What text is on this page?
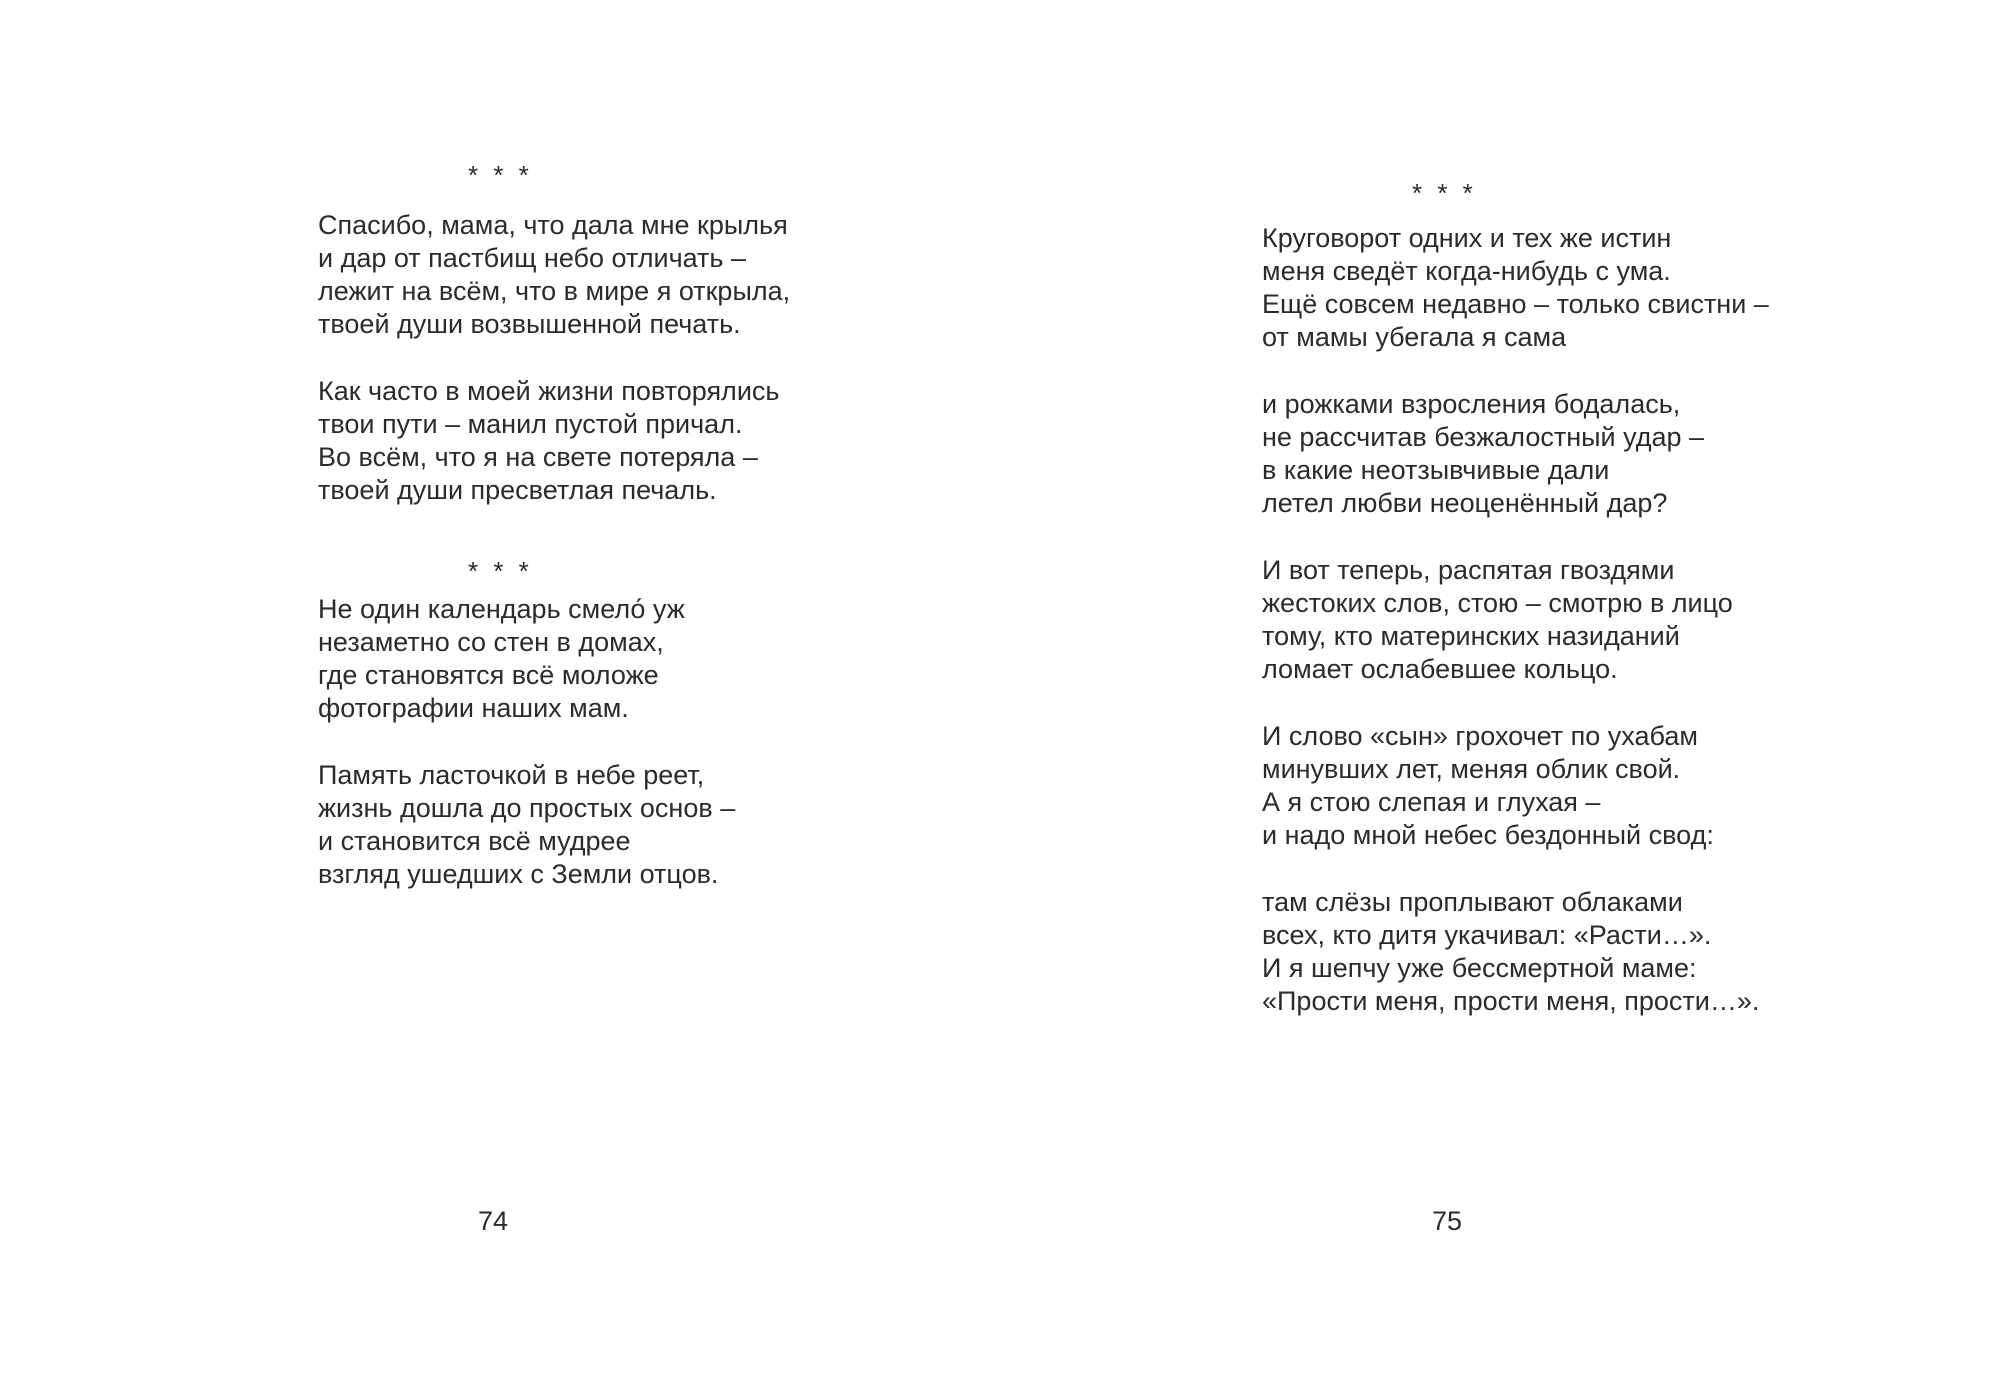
* * *
Спасибо, мама, что дала мне крылья
и дар от пастбищ небо отличать –
лежит на всём, что в мире я открыла,
твоей души возвышенной печать.
Как часто в моей жизни повторялись
твои пути – манил пустой причал.
Во всём, что я на свете потеряла –
твоей души пресветлая печаль.
* * *
Не один календарь смело́ уж
незаметно со стен в домах,
где становятся всё моложе
фотографии наших мам.
Память ласточкой в небе реет,
жизнь дошла до простых основ –
и становится всё мудрее
взгляд ушедших с Земли отцов.
74
* * *
Круговорот одних и тех же истин
меня сведёт когда-нибудь с ума.
Ещё совсем недавно – только свистни –
от мамы убегала я сама
и рожками взросления бодалась,
не рассчитав безжалостный удар –
в какие неотзывчивые дали
летел любви неоценённый дар?
И вот теперь, распятая гвоздями
жестоких слов, стою – смотрю в лицо
тому, кто материнских назиданий
ломает ослабевшее кольцо.
И слово «сын» грохочет по ухабам
минувших лет, меняя облик свой.
А я стою слепая и глухая –
и надо мной небес бездонный свод:
там слёзы проплывают облаками
всех, кто дитя укачивал: «Расти…».
И я шепчу уже бессмертной маме:
«Прости меня, прости меня, прости…».
75
